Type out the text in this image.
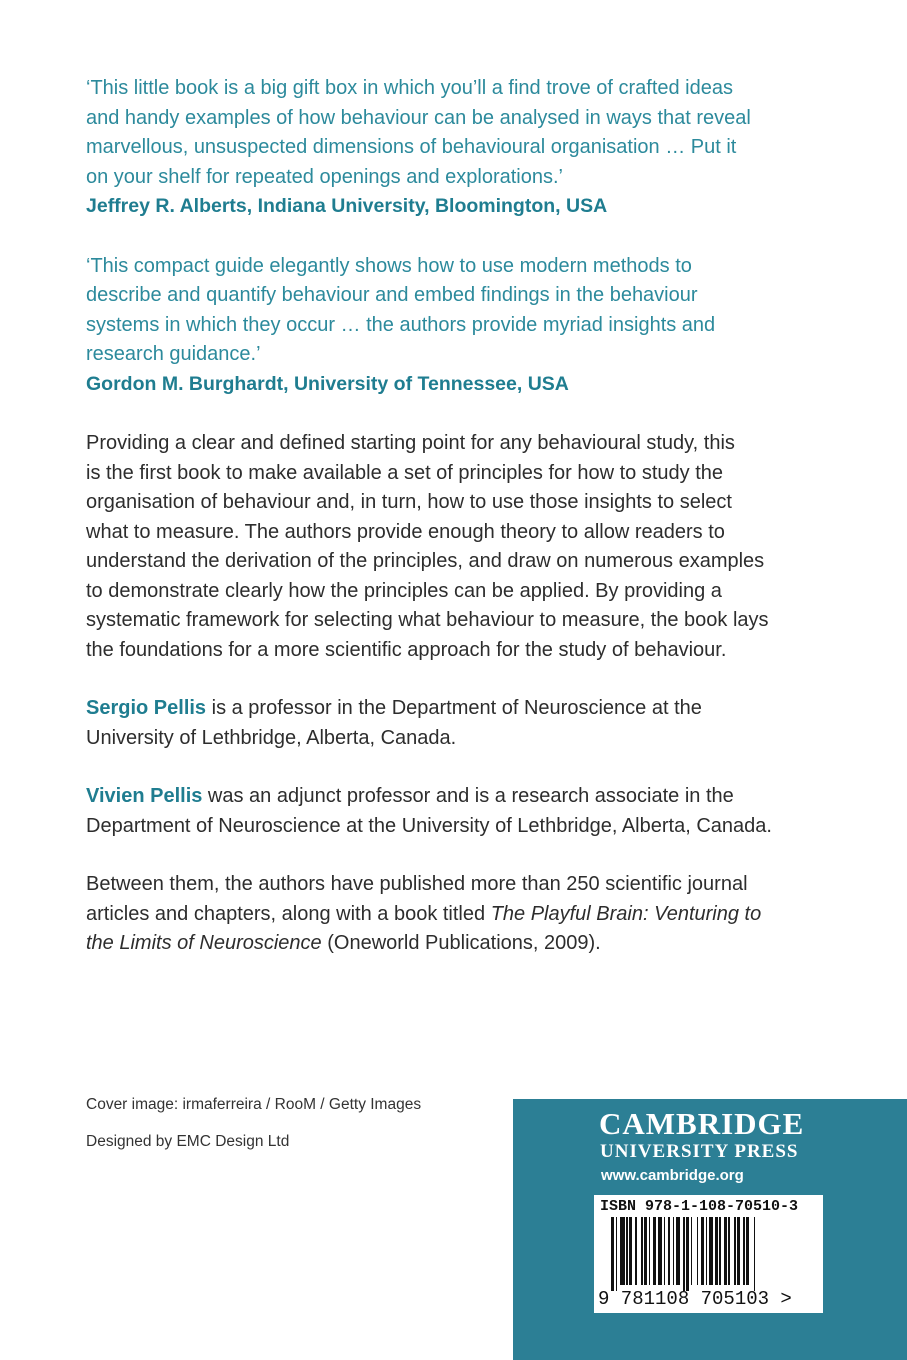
‘This little book is a big gift box in which you’ll a find trove of crafted ideas

and handy examples of how behaviour can be analysed in ways that reveal

marvellous, unsuspected dimensions of behavioural organisation … Put it

on your shelf for repeated openings and explorations.’

Jeffrey R. Alberts, Indiana University, Bloomington, USA

‘This compact guide elegantly shows how to use modern methods to

describe and quantify behaviour and embed findings in the behaviour

systems in which they occur … the authors provide myriad insights and

research guidance.’

Gordon M. Burghardt, University of Tennessee, USA

Providing a clear and defined starting point for any behavioural study, this
is the first book to make available a set of principles for how to study the
organisation of behaviour and, in turn, how to use those insights to select
what to measure. The authors provide enough theory to allow readers to
understand the derivation of the principles, and draw on numerous examples
to demonstrate clearly how the principles can be applied. By providing a
systematic framework for selecting what behaviour to measure, the book lays
the foundations for a more scientific approach for the study of behaviour.
Sergio Pellis is a professor in the Department of Neuroscience at the
University of Lethbridge, Alberta, Canada.
Vivien Pellis was an adjunct professor and is a research associate in the
Department of Neuroscience at the University of Lethbridge, Alberta, Canada.
Between them, the authors have published more than 250 scientific journal
articles and chapters, along with a book titled The Playful Brain: Venturing to
the Limits of Neuroscience (Oneworld Publications, 2009).
Cover image: irmaferreira / RooM / Getty Images
Designed by EMC Design Ltd
CAMBRIDGE
UNIVERSITY PRESS
www.cambridge.org
ISBN 978-1-108-70510-3
9 781108 705103 >
